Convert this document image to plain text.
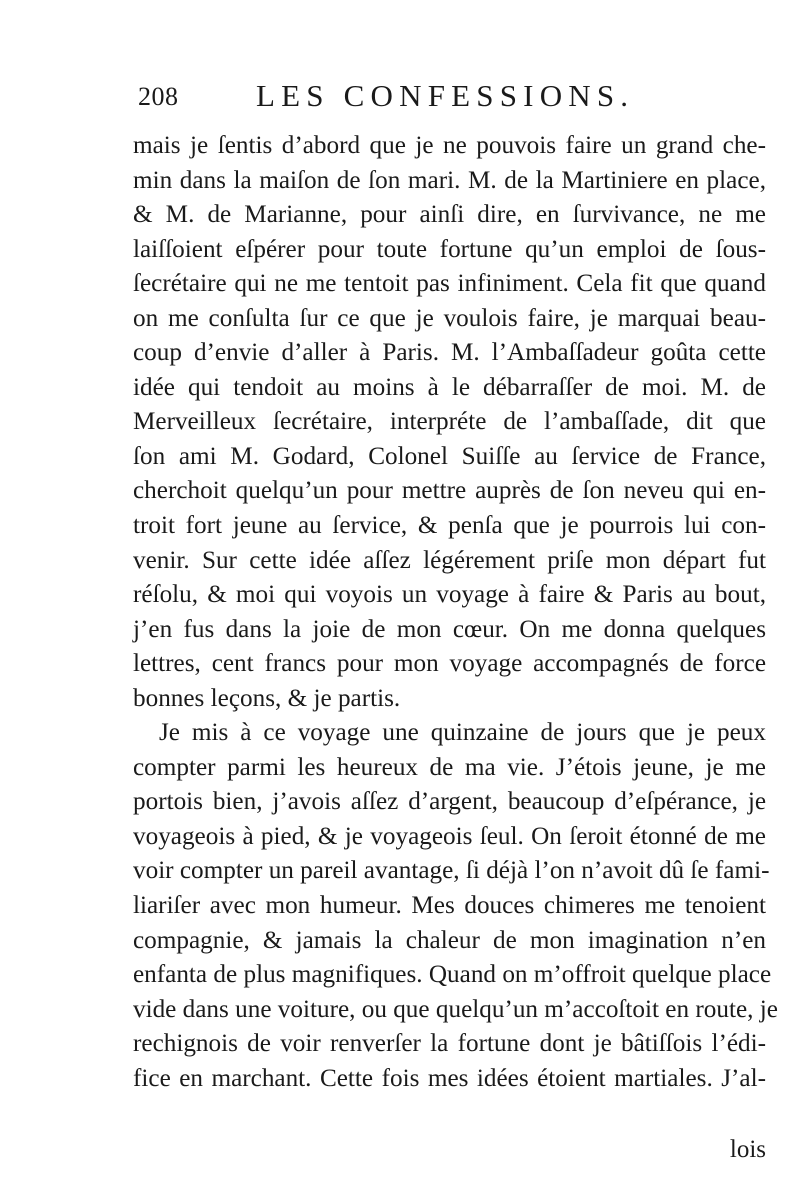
208	LES CONFESSIONS.
mais je ſentis d’abord que je ne pouvois faire un grand che-
min dans la maiſon de ſon mari. M. de la Martiniere en place,
& M. de Marianne, pour ainſi dire, en ſurvivance, ne me
laiſſoient eſpérer pour toute fortune qu’un emploi de ſous-
ſecrétaire qui ne me tentoit pas infiniment. Cela fit que quand
on me conſulta ſur ce que je voulois faire, je marquai beau-
coup d’envie d’aller à Paris. M. l’Ambaſſadeur goûta cette
idée qui tendoit au moins à le débarraſſer de moi. M. de
Merveilleux ſecrétaire, interpréte de l’ambaſſade, dit que
ſon ami M. Godard, Colonel Suiſſe au ſervice de France,
cherchoit quelqu’un pour mettre auprès de ſon neveu qui en-
troit fort jeune au ſervice, & penſa que je pourrois lui con-
venir. Sur cette idée aſſez légérement priſe mon départ fut
réſolu, & moi qui voyois un voyage à faire & Paris au bout,
j’en fus dans la joie de mon cœur. On me donna quelques
lettres, cent francs pour mon voyage accompagnés de force
bonnes leçons, & je partis.
Je mis à ce voyage une quinzaine de jours que je peux
compter parmi les heureux de ma vie. J’étois jeune, je me
portois bien, j’avois aſſez d’argent, beaucoup d’eſpérance, je
voyageois à pied, & je voyageois ſeul. On ſeroit étonné de me
voir compter un pareil avantage, ſi déjà l’on n’avoit dû ſe fami-
liariſer avec mon humeur. Mes douces chimeres me tenoient
compagnie, & jamais la chaleur de mon imagination n’en
enfanta de plus magnifiques. Quand on m’offroit quelque place
vide dans une voiture, ou que quelqu’un m’accoſtoit en route, je
rechignois de voir renverſer la fortune dont je bâtiſſois l’édi-
fice en marchant. Cette fois mes idées étoient martiales. J’al-
lois
